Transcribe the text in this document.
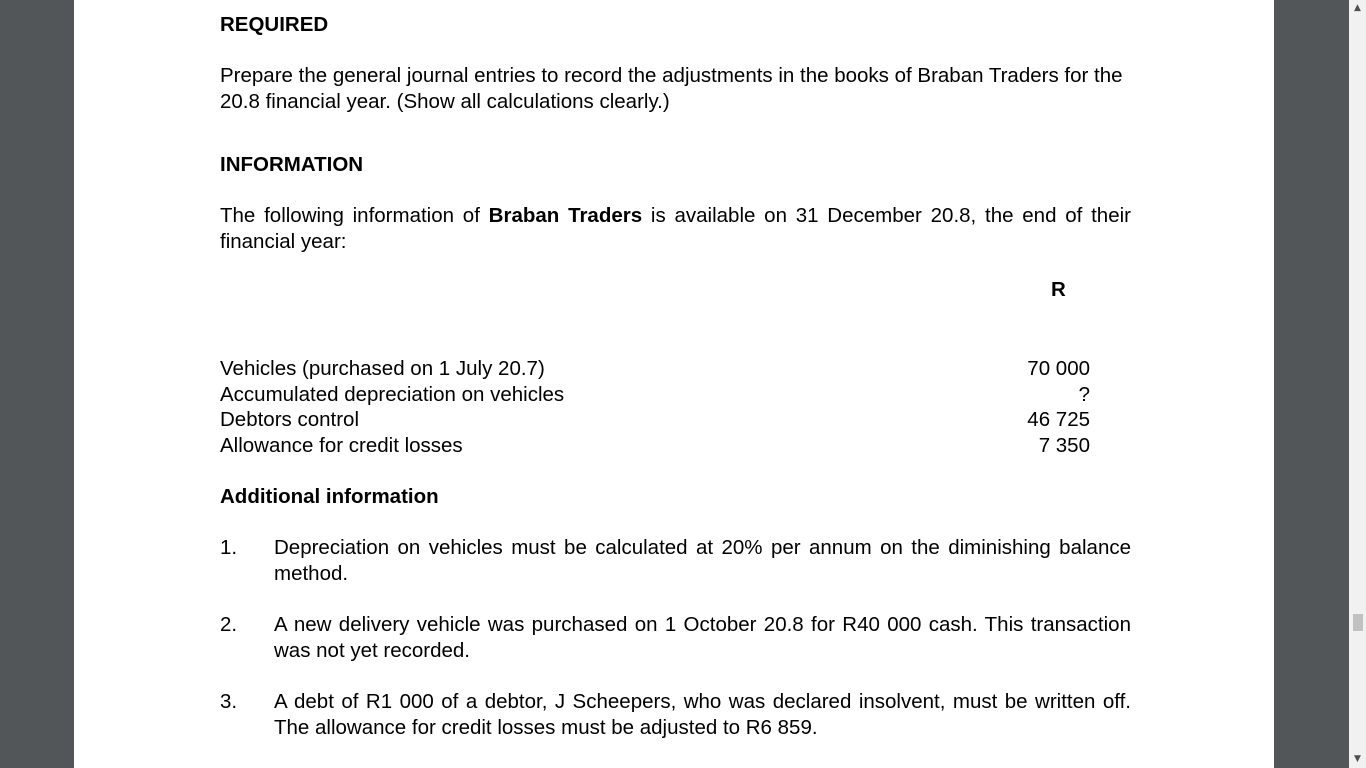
REQUIRED
Prepare the general journal entries to record the adjustments in the books of Braban Traders for the 20.8 financial year. (Show all calculations clearly.)
INFORMATION
The following information of Braban Traders is available on 31 December 20.8, the end of their financial year:
R
Vehicles (purchased on 1 July 20.7)	70 000
Accumulated depreciation on vehicles	?
Debtors control	46 725
Allowance for credit losses	7 350
Additional information
1.	Depreciation on vehicles must be calculated at 20% per annum on the diminishing balance method.
2.	A new delivery vehicle was purchased on 1 October 20.8 for R40 000 cash. This transaction was not yet recorded.
3.	A debt of R1 000 of a debtor, J Scheepers, who was declared insolvent, must be written off. The allowance for credit losses must be adjusted to R6 859.
▲
▼
